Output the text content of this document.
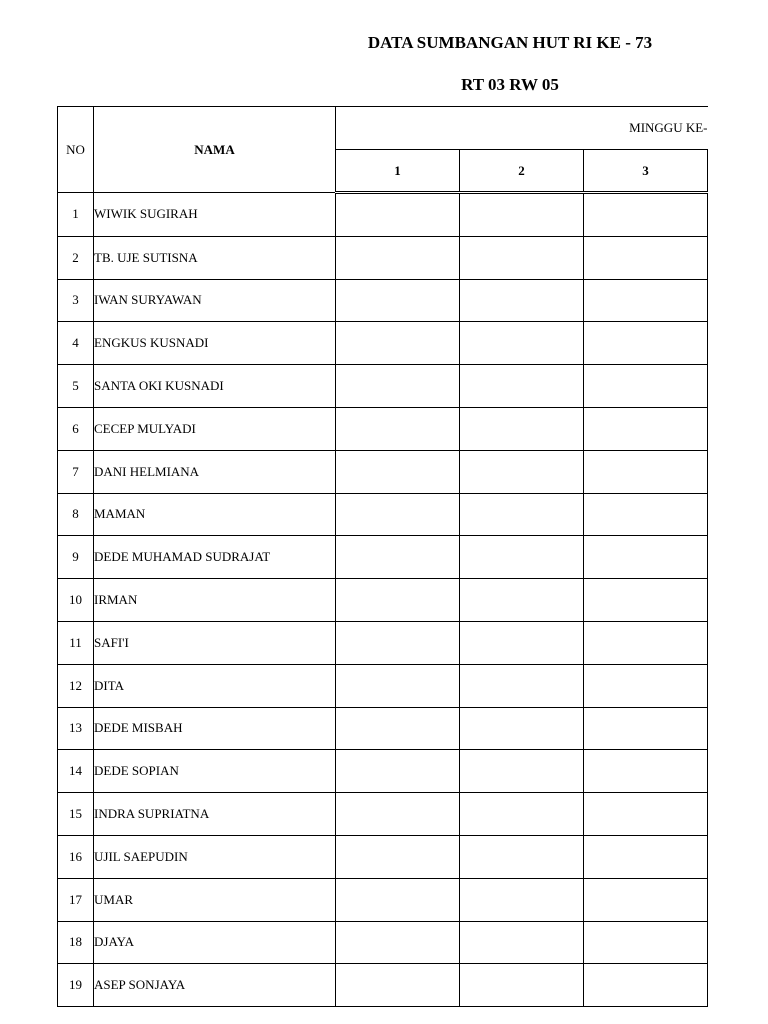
DATA SUMBANGAN HUT RI KE - 73
RT 03 RW 05
NO	NAMA	MINGGU KE-		
		1	2	3
1	WIWIK SUGIRAH			
2	TB. UJE SUTISNA			
3	IWAN SURYAWAN			
4	ENGKUS KUSNADI			
5	SANTA OKI KUSNADI			
6	CECEP MULYADI			
7	DANI HELMIANA			
8	MAMAN			
9	DEDE MUHAMAD SUDRAJAT			
10	IRMAN			
11	SAFI'I			
12	DITA			
13	DEDE MISBAH			
14	DEDE SOPIAN			
15	INDRA SUPRIATNA			
16	UJIL SAEPUDIN			
17	UMAR			
18	DJAYA			
19	ASEP SONJAYA			
